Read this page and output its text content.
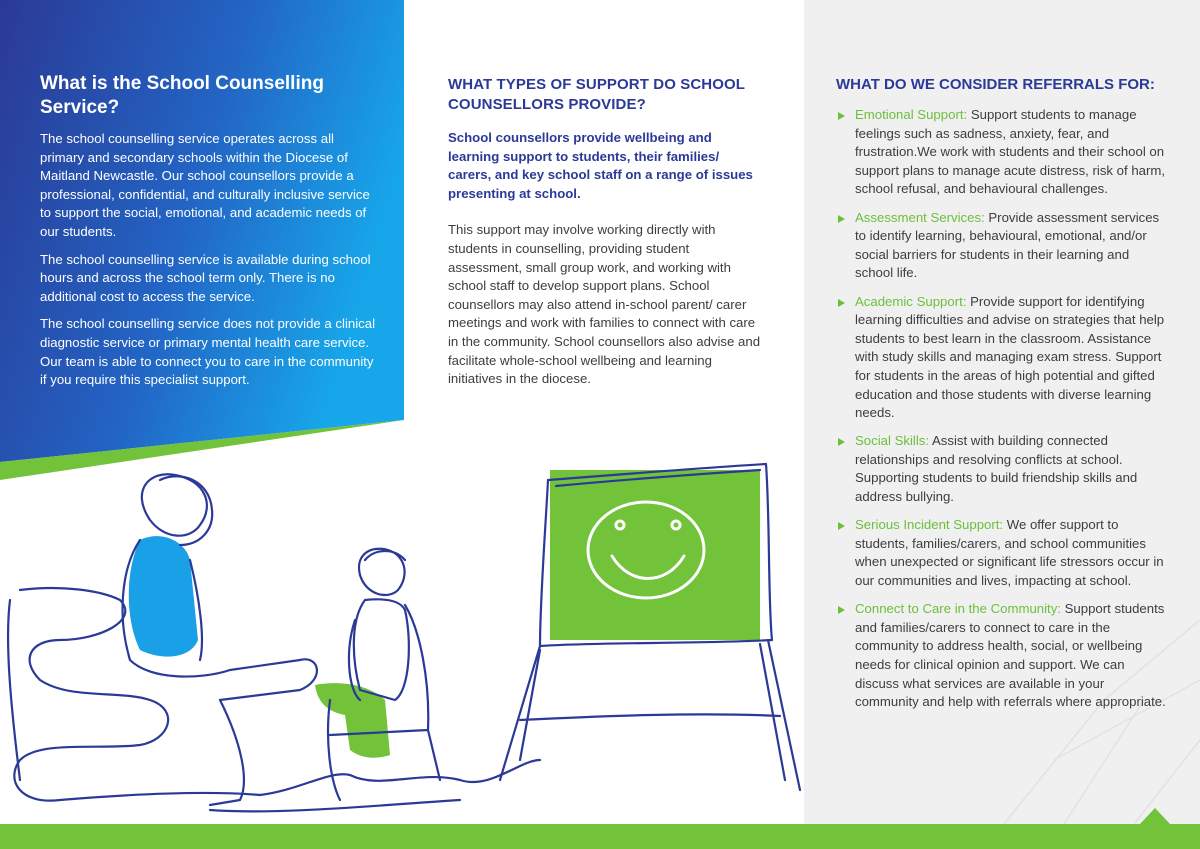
What is the School Counselling Service?

The school counselling service operates across all primary and secondary schools within the Diocese of Maitland Newcastle. Our school counsellors provide a professional, confidential, and culturally inclusive service to support the social, emotional, and academic needs of our students.

The school counselling service is available during school hours and across the school term only. There is no additional cost to access the service.

The school counselling service does not provide a clinical diagnostic service or primary mental health care service. Our team is able to connect you to care in the community if you require this specialist support.

WHAT TYPES OF SUPPORT DO SCHOOL COUNSELLORS PROVIDE?

School counsellors provide wellbeing and learning support to students, their families/ carers, and key school staff on a range of issues presenting at school.

This support may involve working directly with students in counselling, providing student assessment, small group work, and working with school staff to develop support plans. School counsellors may also attend in-school parent/ carer meetings and work with families to connect with care in the community. School counsellors also advise and facilitate whole-school wellbeing and learning initiatives in the diocese.

WHAT DO WE CONSIDER REFERRALS FOR:
Emotional Support: Support students to manage feelings such as sadness, anxiety, fear, and frustration.We work with students and their school on support plans to manage acute distress, risk of harm, school refusal, and behavioural challenges.
Assessment Services: Provide assessment services to identify learning, behavioural, emotional, and/or social barriers for students in their learning and school life.
Academic Support: Provide support for identifying learning difficulties and advise on strategies that help students to best learn in the classroom. Assistance with study skills and managing exam stress. Support for students in the areas of high potential and gifted education and those students with diverse learning needs.
Social Skills: Assist with building connected relationships and resolving conflicts at school. Supporting students to build friendship skills and address bullying.
Serious Incident Support: We offer support to students, families/carers, and school communities when unexpected or significant life stressors occur in our communities and lives, impacting at school.
Connect to Care in the Community: Support students and families/carers to connect to care in the community to address health, social, or wellbeing needs for clinical opinion and support. We can discuss what services are available in your community and help with referrals where appropriate.
